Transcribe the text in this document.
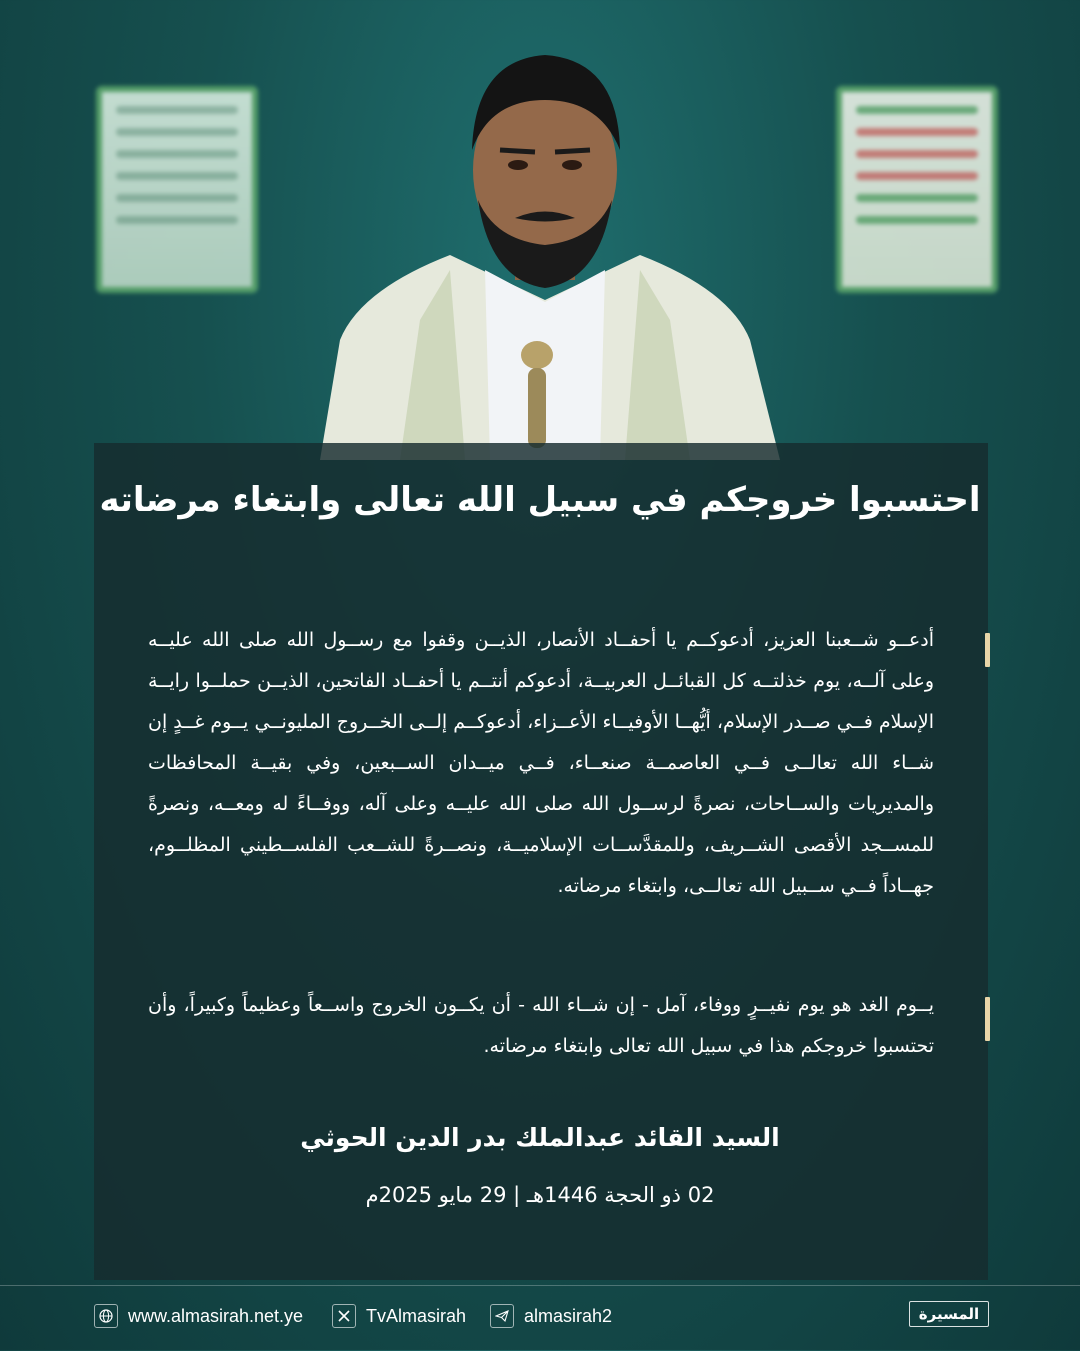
احتسبوا خروجكم في سبيل الله تعالى وابتغاء مرضاته

أدعــو شــعبنا العزيز، أدعوكــم يا أحفــاد الأنصار، الذيــن وقفوا مع رســول الله صلى الله عليــه وعلى آلــه، يوم خذلتــه كل القبائــل العربيــة، أدعوكم أنتــم يا أحفــاد الفاتحين، الذيــن حملــوا رايــة الإسلام فــي صــدر الإسلام، أيُّهــا الأوفيــاء الأعــزاء، أدعوكــم إلــى الخــروج المليونــي يــوم غــدٍ إن شــاء الله تعالــى فــي العاصمــة صنعــاء، فــي ميــدان الســبعين، وفي بقيــة المحافظات والمديريات والســاحات، نصرةً لرســول الله صلى الله عليــه وعلى آله، ووفــاءً له ومعــه، ونصرةً للمســجد الأقصى الشــريف، وللمقدَّســات الإسلاميــة، ونصــرةً للشــعب الفلســطيني المظلــوم، جهــاداً فــي ســبيل الله تعالــى، وابتغاء مرضاته.

يــوم الغد هو يوم نفيــرٍ ووفاء، آمل - إن شــاء الله - أن يكــون الخروج واســعاً وعظيماً وكبيراً، وأن تحتسبوا خروجكم هذا في سبيل الله تعالى وابتغاء مرضاته.

السيد القائد عبدالملك بدر الدين الحوثي
02 ذو الحجة 1446هـ | 29 مايو 2025م
www.almasirah.net.ye	TvAlmasirah	almasirah2	المسيرة
